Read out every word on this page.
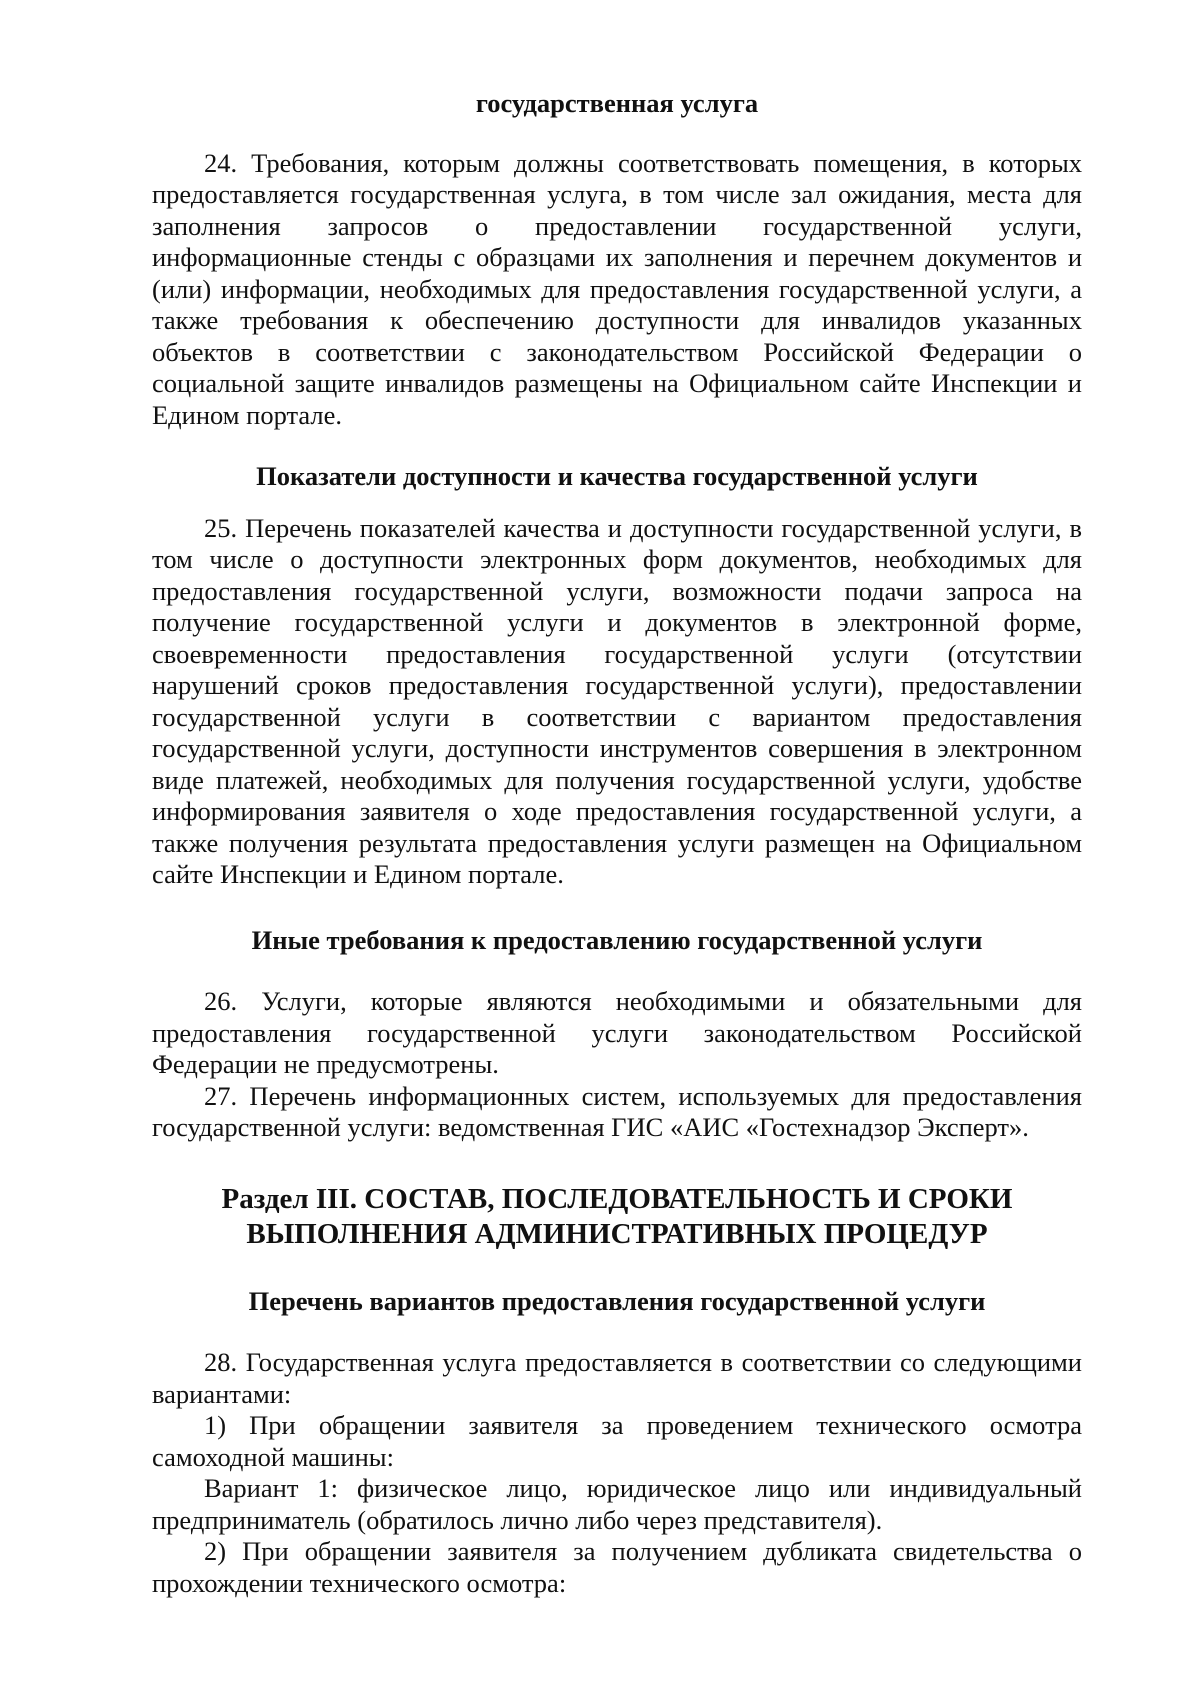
государственная услуга

24. Требования, которым должны соответствовать помещения, в которых предоставляется государственная услуга, в том числе зал ожидания, места для заполнения запросов о предоставлении государственной услуги, информационные стенды с образцами их заполнения и перечнем документов и (или) информации, необходимых для предоставления государственной услуги, а также требования к обеспечению доступности для инвалидов указанных объектов в соответствии с законодательством Российской Федерации о социальной защите инвалидов размещены на Официальном сайте Инспекции и Едином портале.

Показатели доступности и качества государственной услуги

25. Перечень показателей качества и доступности государственной услуги, в том числе о доступности электронных форм документов, необходимых для предоставления государственной услуги, возможности подачи запроса на получение государственной услуги и документов в электронной форме, своевременности предоставления государственной услуги (отсутствии нарушений сроков предоставления государственной услуги), предоставлении государственной услуги в соответствии с вариантом предоставления государственной услуги, доступности инструментов совершения в электронном виде платежей, необходимых для получения государственной услуги, удобстве информирования заявителя о ходе предоставления государственной услуги, а также получения результата предоставления услуги размещен на Официальном сайте Инспекции и Едином портале.

Иные требования к предоставлению государственной услуги

26. Услуги, которые являются необходимыми и обязательными для предоставления государственной услуги законодательством Российской Федерации не предусмотрены.

27. Перечень информационных систем, используемых для предоставления государственной услуги: ведомственная ГИС «АИС «Гостехнадзор Эксперт».

Раздел III. СОСТАВ, ПОСЛЕДОВАТЕЛЬНОСТЬ И СРОКИ
ВЫПОЛНЕНИЯ АДМИНИСТРАТИВНЫХ ПРОЦЕДУР
Перечень вариантов предоставления государственной услуги

28. Государственная услуга предоставляется в соответствии со следующими вариантами:

1) При обращении заявителя за проведением технического осмотра самоходной машины:

Вариант 1: физическое лицо, юридическое лицо или индивидуальный предприниматель (обратилось лично либо через представителя).

2) При обращении заявителя за получением дубликата свидетельства о прохождении технического осмотра:
